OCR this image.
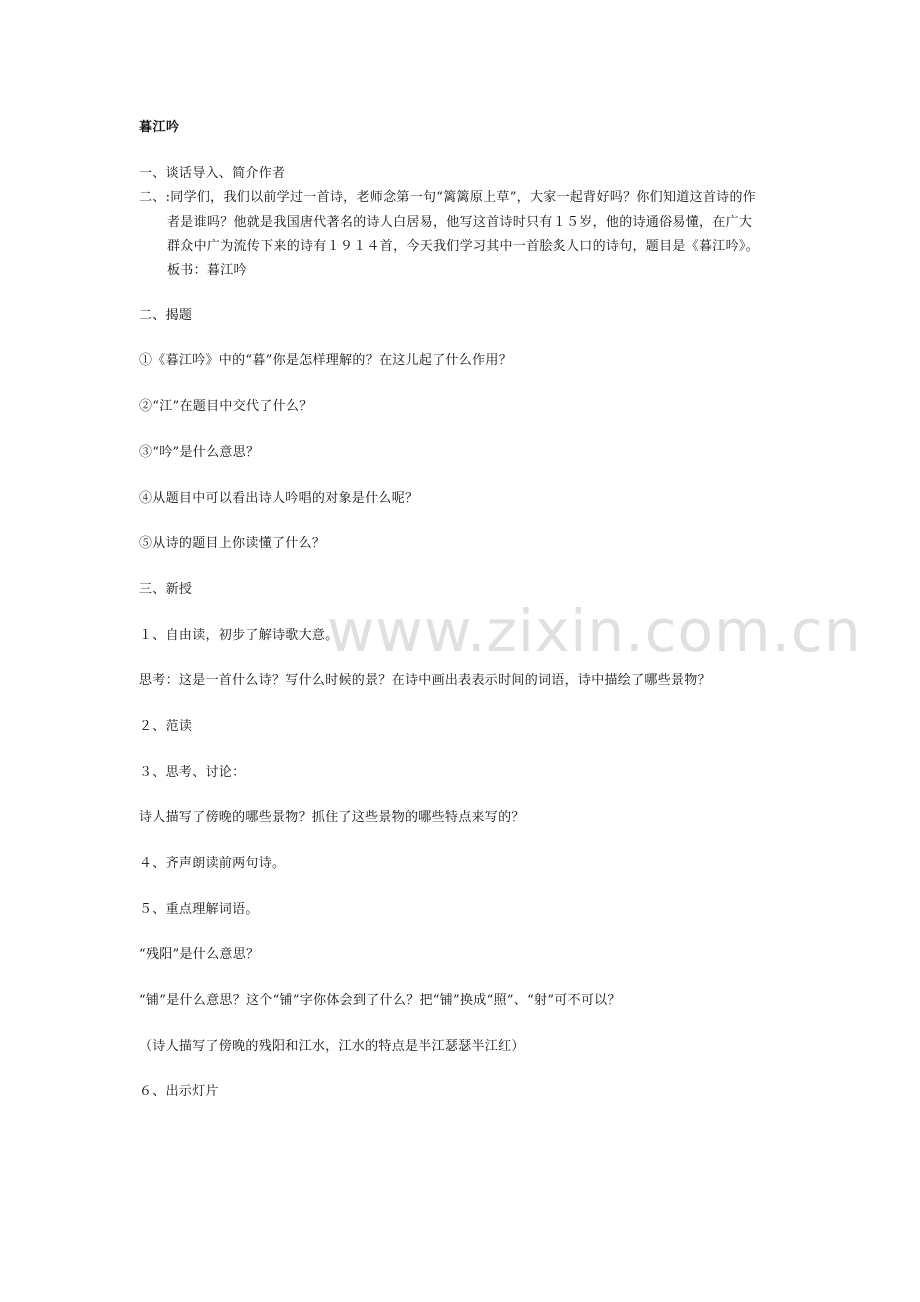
暮江吟
一、谈话导入、简介作者
二、:同学们，我们以前学过一首诗，老师念第一句“篱篱原上草”，大家一起背好吗？你们知道这首诗的作
者是谁吗？他就是我国唐代著名的诗人白居易，他写这首诗时只有１５岁，他的诗通俗易懂，在广大
群众中广为流传下来的诗有１９１４首，今天我们学习其中一首脍炙人口的诗句，题目是《暮江吟》。
板书：暮江吟
二、揭题
①《暮江吟》中的“暮”你是怎样理解的？在这儿起了什么作用？
②“江”在题目中交代了什么？
③“吟”是什么意思？
④从题目中可以看出诗人吟唱的对象是什么呢？
⑤从诗的题目上你读懂了什么？
三、新授
１、自由读，初步了解诗歌大意。
思考：这是一首什么诗？写什么时候的景？在诗中画出表表示时间的词语，诗中描绘了哪些景物？
２、范读
３、思考、讨论：
诗人描写了傍晚的哪些景物？抓住了这些景物的哪些特点来写的？
４、齐声朗读前两句诗。
５、重点理解词语。
“残阳”是什么意思？
“铺”是什么意思？这个“铺”字你体会到了什么？把“铺”换成“照”、“射”可不可以？
（诗人描写了傍晚的残阳和江水，江水的特点是半江瑟瑟半江红）
６、出示灯片
www.zixin.com.cn
